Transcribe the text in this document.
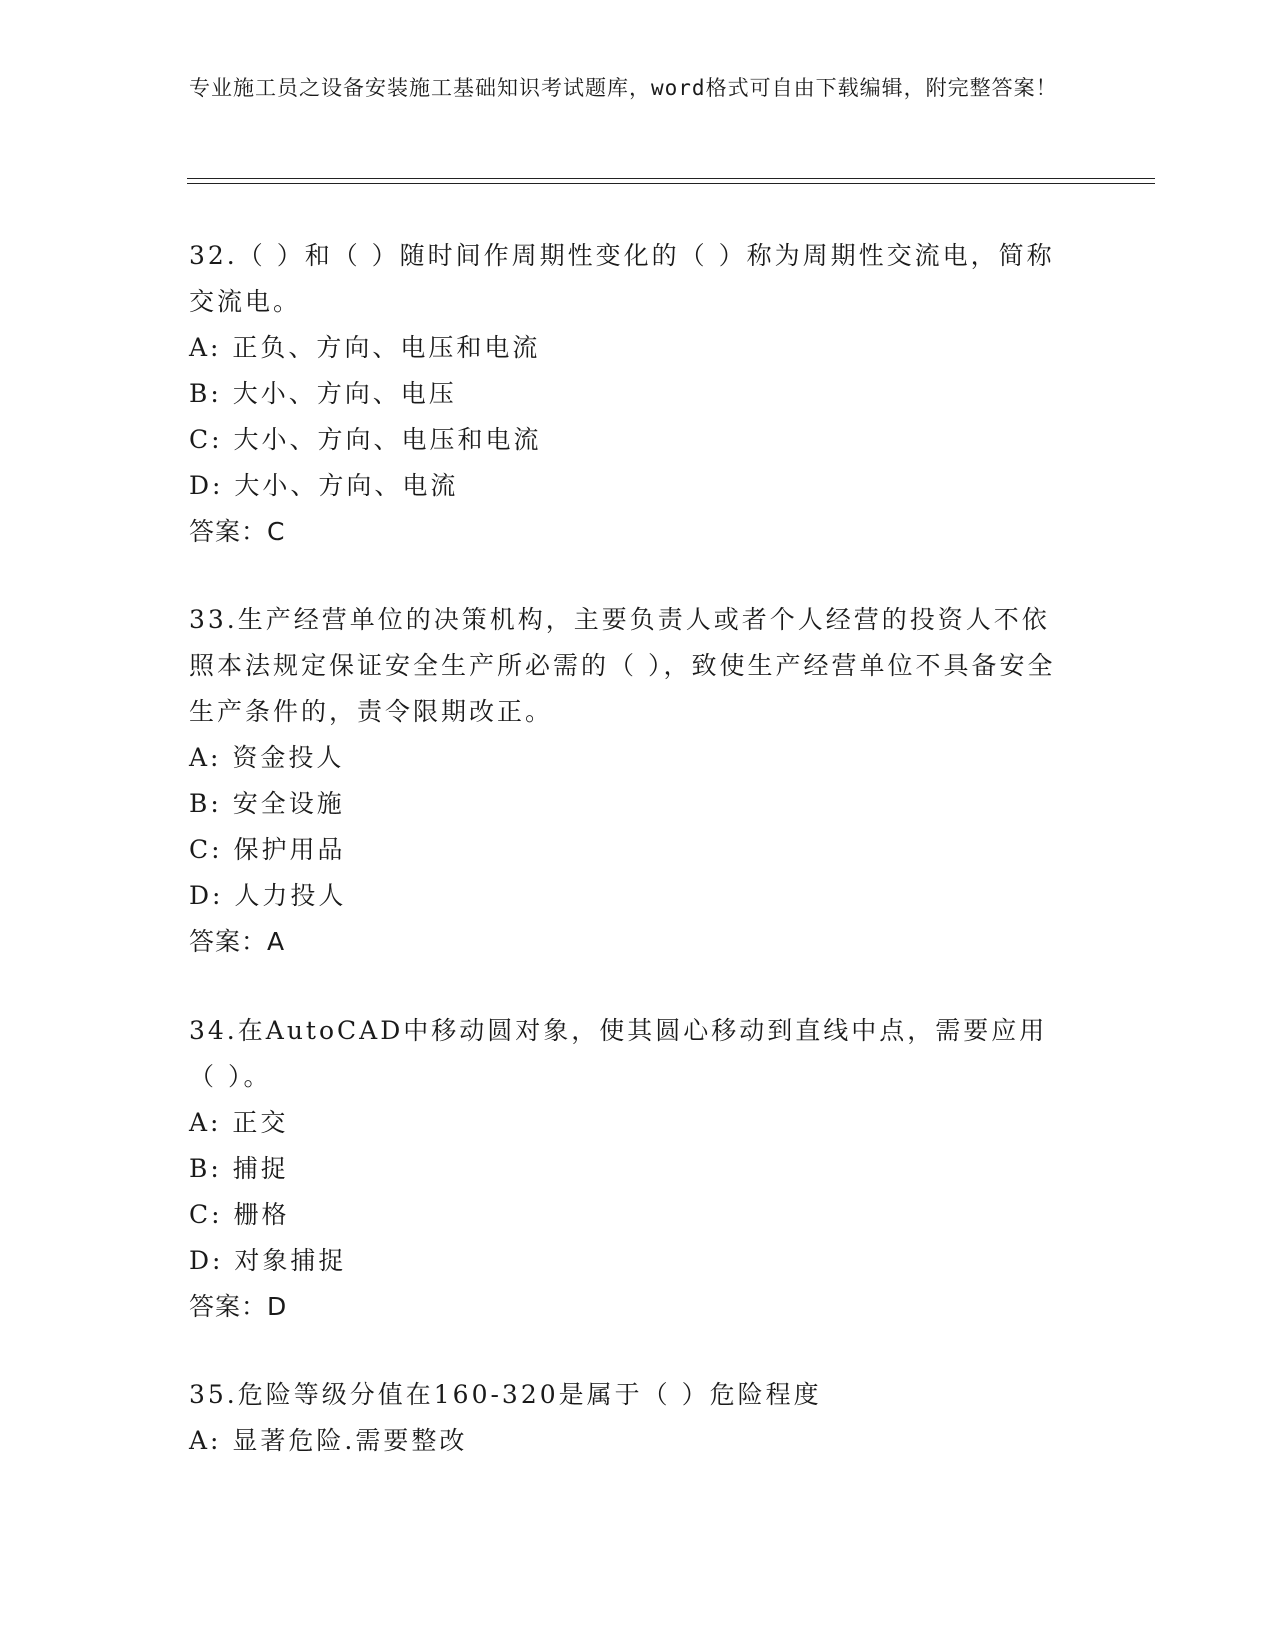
专业施工员之设备安装施工基础知识考试题库，word格式可自由下载编辑，附完整答案！

32.（ ）和（ ）随时间作周期性变化的（ ）称为周期性交流电，简称交流电。

A: 正负、方向、电压和电流
B: 大小、方向、电压
C: 大小、方向、电压和电流
D: 大小、方向、电流

答案：C

33.生产经营单位的决策机构，主要负责人或者个人经营的投资人不依照本法规定保证安全生产所必需的（ ），致使生产经营单位不具备安全生产条件的，责令限期改正。

A: 资金投人
B: 安全设施
C: 保护用品
D: 人力投人

答案：A

34.在AutoCAD中移动圆对象，使其圆心移动到直线中点，需要应用（ ）。

A: 正交
B: 捕捉
C: 栅格
D: 对象捕捉

答案：D

35.危险等级分值在160-320是属于（ ）危险程度

A: 显著危险.需要整改
